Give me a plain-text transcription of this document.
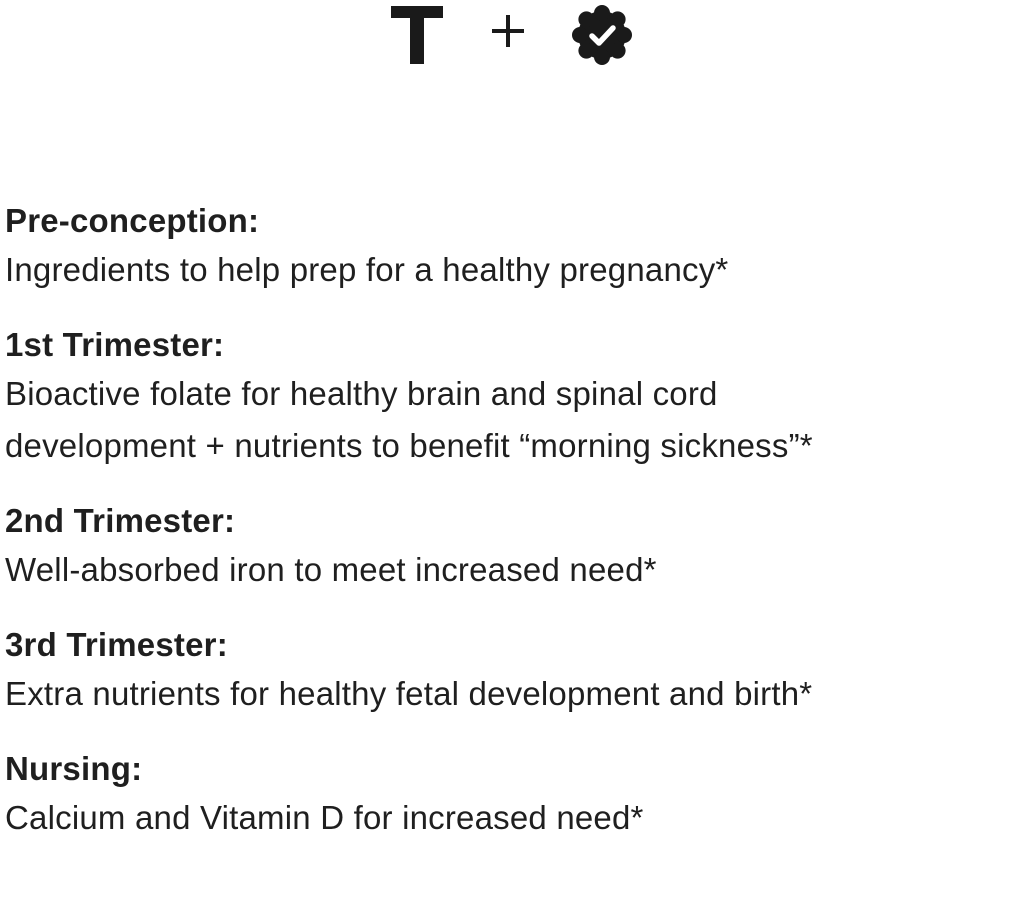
Pre-conception:
Ingredients to help prep for a healthy pregnancy*
1st Trimester:
Bioactive folate for healthy brain and spinal cord
development + nutrients to benefit “morning sickness”*
2nd Trimester:
Well-absorbed iron to meet increased need*
3rd Trimester:
Extra nutrients for healthy fetal development and birth*
Nursing:
Calcium and Vitamin D for increased need*
